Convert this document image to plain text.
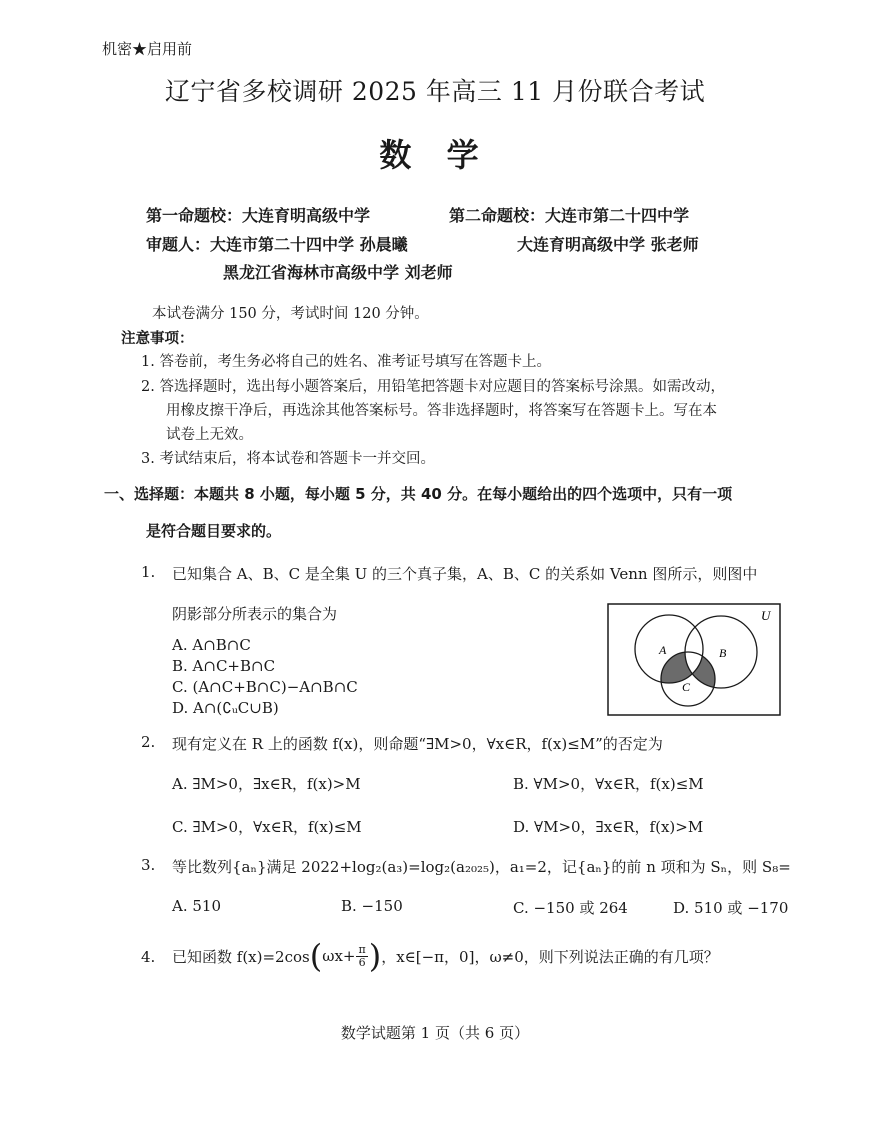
机密★启用前
辽宁省多校调研 2025 年高三 11 月份联合考试
数 学
第一命题校：大连育明高级中学	第二命题校：大连市第二十四中学
审题人：大连市第二十四中学 孙晨曦	大连育明高级中学 张老师
黑龙江省海林市高级中学 刘老师
本试卷满分 150 分，考试时间 120 分钟。
注意事项：
1. 答卷前，考生务必将自己的姓名、准考证号填写在答题卡上。
2. 答选择题时，选出每小题答案后，用铅笔把答题卡对应题目的答案标号涂黑。如需改动，
用橡皮擦干净后，再选涂其他答案标号。答非选择题时，将答案写在答题卡上。写在本
试卷上无效。
3. 考试结束后，将本试卷和答题卡一并交回。
一、选择题：本题共 8 小题，每小题 5 分，共 40 分。在每小题给出的四个选项中，只有一项
是符合题目要求的。
1. 已知集合 A、B、C 是全集 U 的三个真子集，A、B、C 的关系如 Venn 图所示，则图中
阴影部分所表示的集合为
A. A∩B∩C
B. A∩C+B∩C
C. (A∩C+B∩C)−A∩B∩C
D. A∩(∁ᵤC∪B)
U
A	B
C
2. 现有定义在 R 上的函数 f(x)，则命题“∃M>0，∀x∈R，f(x)≤M”的否定为
A. ∃M>0，∃x∈R，f(x)>M	B. ∀M>0，∀x∈R，f(x)≤M
C. ∃M>0，∀x∈R，f(x)≤M	D. ∀M>0，∃x∈R，f(x)>M
3. 等比数列{aₙ}满足 2022+log₂(a₃)=log₂(a₂₀₂₅)，a₁=2，记{aₙ}的前 n 项和为 Sₙ，则 S₈=
A. 510	B. −150	C. −150 或 264	D. 510 或 −170
4. 已知函数 f(x)=2cos ( $\omega x+ \frac{\pi}{6}$ ) ，x∈[−π，0]，ω≠0，则下列说法正确的有几项？
数学试题第 1 页（共 6 页）
